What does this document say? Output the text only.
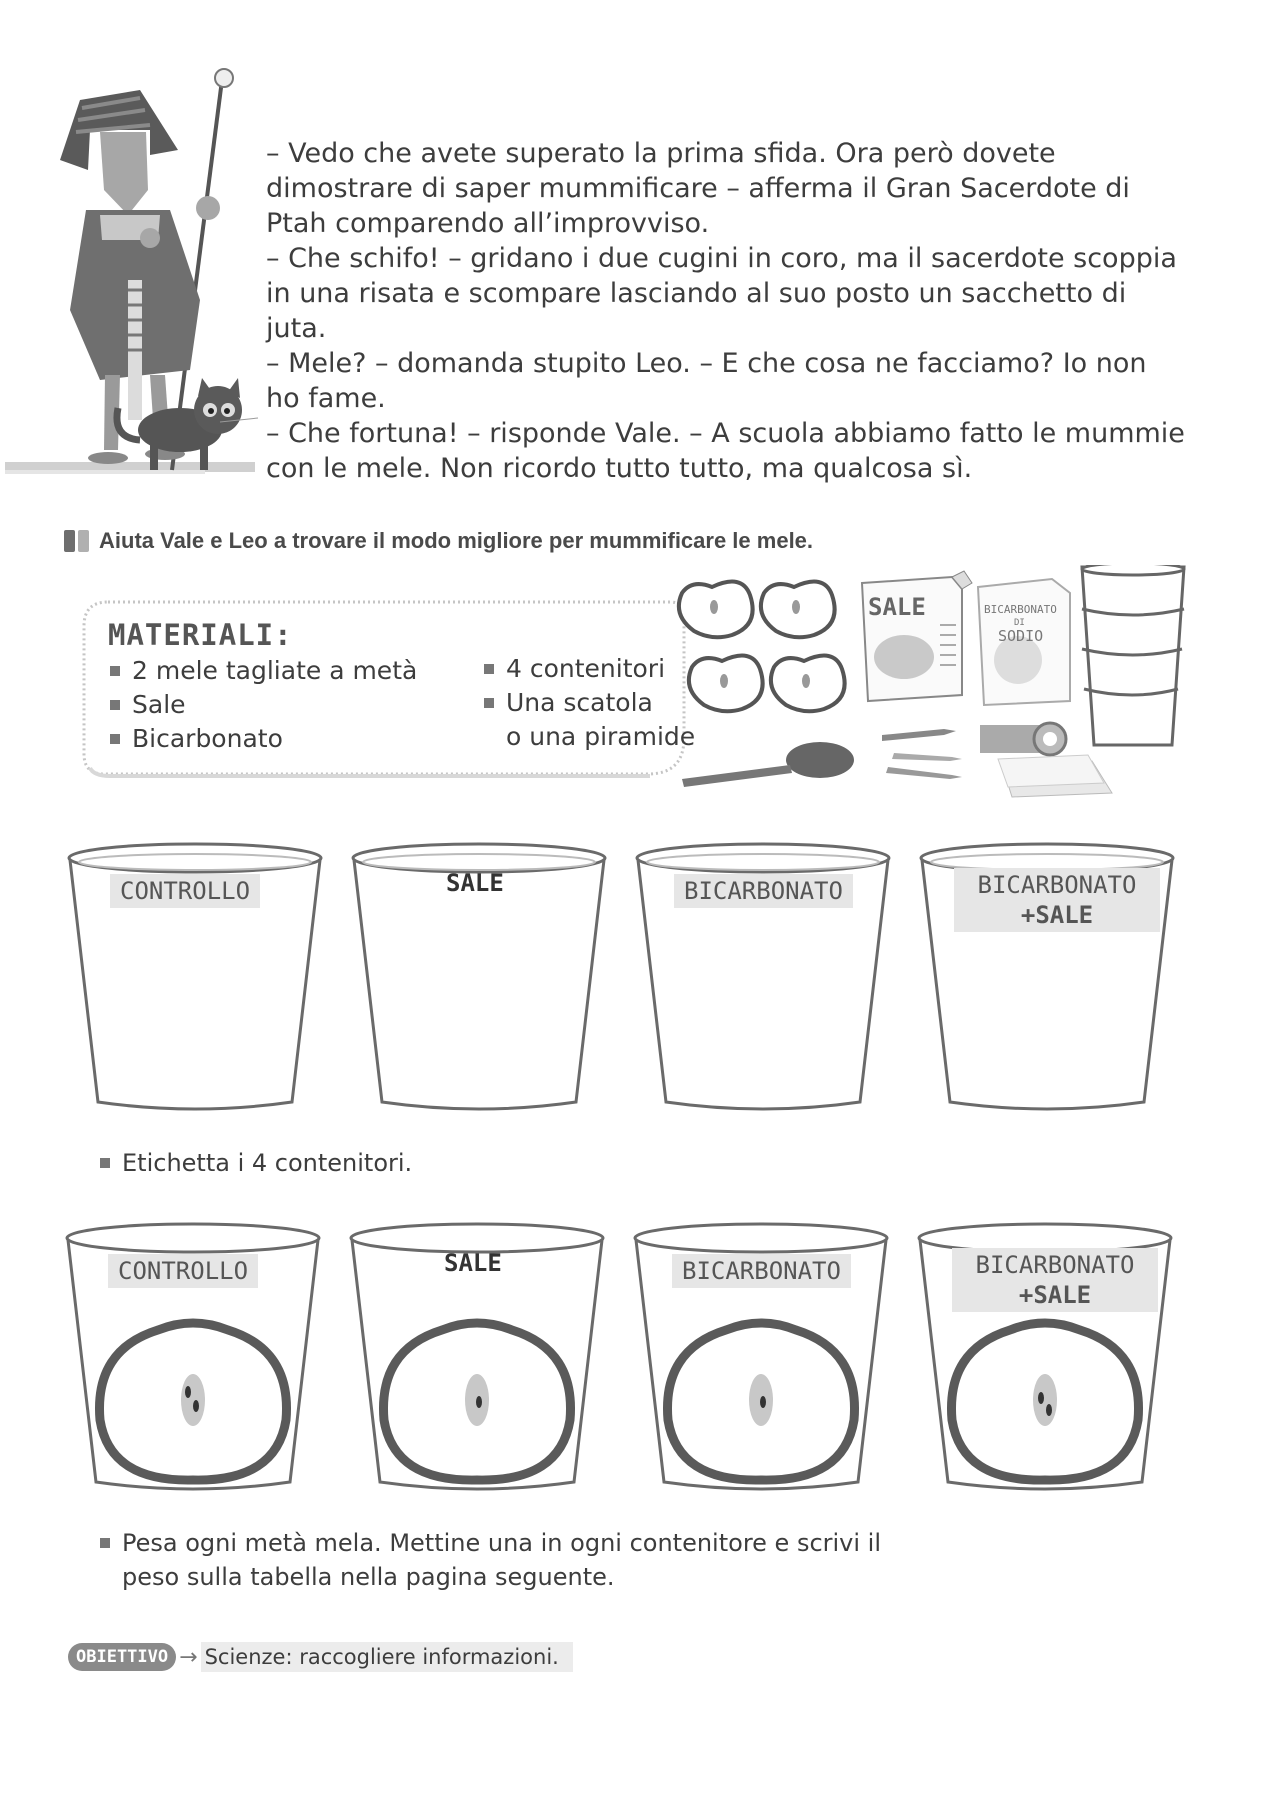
– Vedo che avete superato la prima sfida. Ora però dovete dimostrare di saper mummificare – afferma il Gran Sacerdote di Ptah comparendo all’improvviso.

– Che schifo! – gridano i due cugini in coro, ma il sacerdote scoppia in una risata e scompare lasciando al suo posto un sacchetto di juta.

– Mele? – domanda stupito Leo. – E che cosa ne facciamo? Io non ho fame.

– Che fortuna! – risponde Vale. – A scuola abbiamo fatto le mummie con le mele. Non ricordo tutto tutto, ma qualcosa sì.

Aiuta Vale e Leo a trovare il modo migliore per mummificare le mele.
MATERIALI:
2 mele tagliate a metà
Sale
Bicarbonato
4 contenitori
Una scatola
o una piramide
SALE	BICARBONATO
DI
SODIO
CONTROLLO	SALE	BICARBONATO	BICARBONATO
+SALE
Etichetta i 4 contenitori.
CONTROLLO	SALE	BICARBONATO	BICARBONATO
+SALE
Pesa ogni metà mela. Mettine una in ogni contenitore e scrivi il peso sulla tabella nella pagina seguente.
OBIETTIVO → Scienze: raccogliere informazioni.
